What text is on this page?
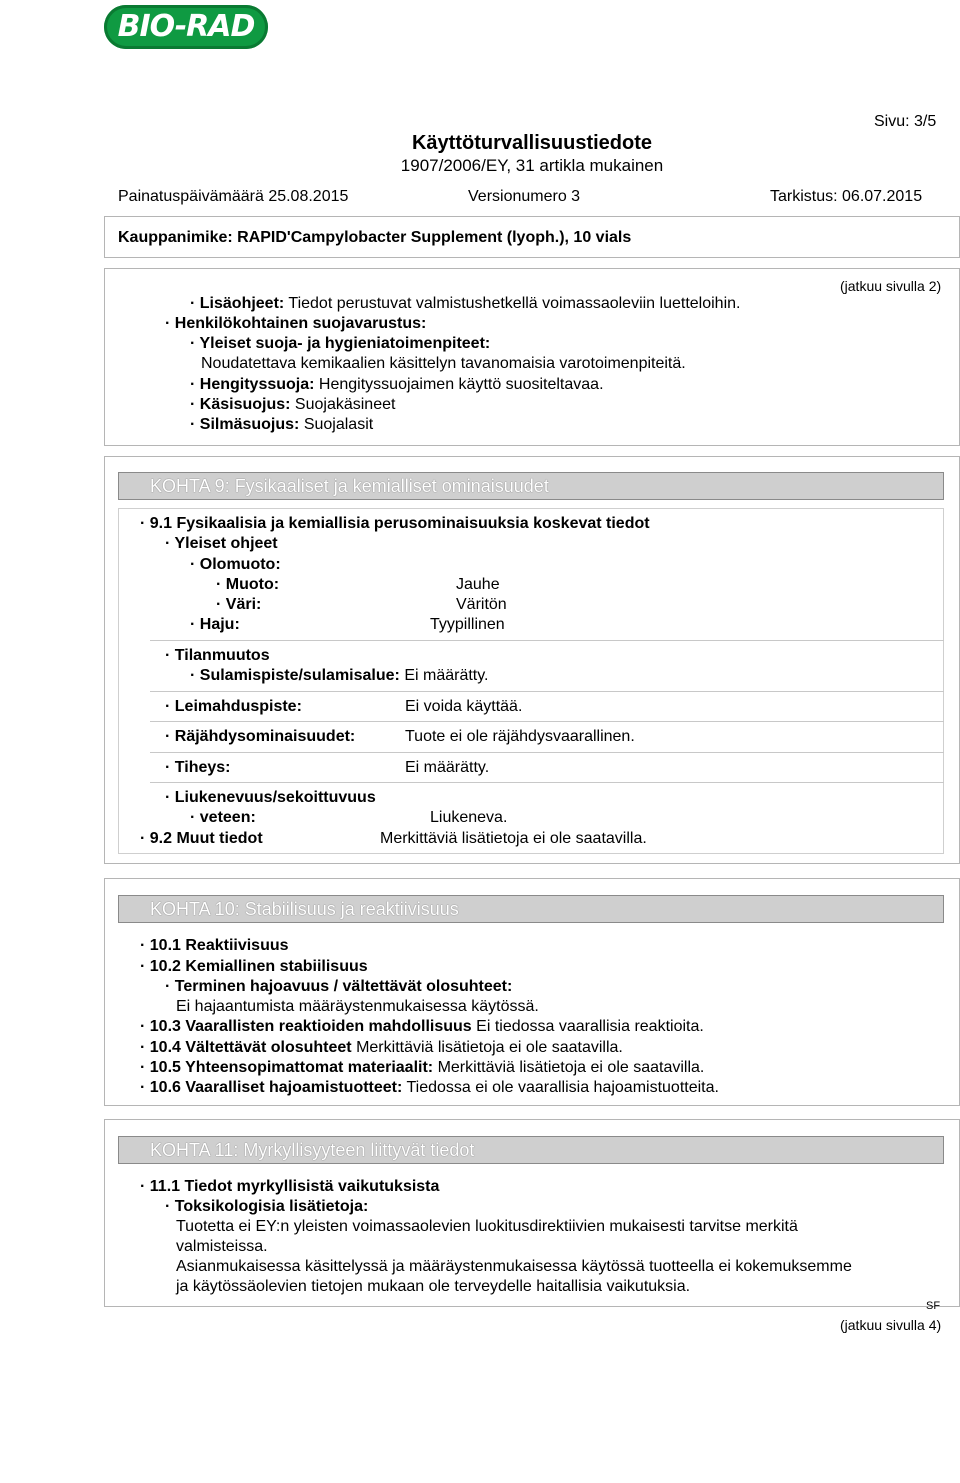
BIO-RAD
Sivu: 3/5
Käyttöturvallisuustiedote
1907/2006/EY, 31 artikla mukainen
Painatuspäivämäärä 25.08.2015	Versionumero 3	Tarkistus: 06.07.2015
Kauppanimike: RAPID'Campylobacter Supplement (lyoph.), 10 vials
(jatkuu sivulla 2)
· Lisäohjeet: Tiedot perustuvat valmistushetkellä voimassaoleviin luetteloihin.
· Henkilökohtainen suojavarustus:
· Yleiset suoja- ja hygieniatoimenpiteet:
Noudatettava kemikaalien käsittelyn tavanomaisia varotoimenpiteitä.
· Hengityssuoja: Hengityssuojaimen käyttö suositeltavaa.
· Käsisuojus: Suojakäsineet
· Silmäsuojus: Suojalasit
KOHTA 9: Fysikaaliset ja kemialliset ominaisuudet
· 9.1 Fysikaalisia ja kemiallisia perusominaisuuksia koskevat tiedot
· Yleiset ohjeet
· Olomuoto:
· Muoto:	Jauhe
· Väri:	Väritön
· Haju:	Tyypillinen
· Tilanmuutos
· Sulamispiste/sulamisalue: Ei määrätty.
· Leimahduspiste:	Ei voida käyttää.
· Räjähdysominaisuudet:	Tuote ei ole räjähdysvaarallinen.
· Tiheys:	Ei määrätty.
· Liukenevuus/sekoittuvuus
· veteen:	Liukeneva.
· 9.2 Muut tiedot	Merkittäviä lisätietoja ei ole saatavilla.
KOHTA 10: Stabiilisuus ja reaktiivisuus
· 10.1 Reaktiivisuus
· 10.2 Kemiallinen stabiilisuus
· Terminen hajoavuus / vältettävät olosuhteet:
Ei hajaantumista määräystenmukaisessa käytössä.
· 10.3 Vaarallisten reaktioiden mahdollisuus Ei tiedossa vaarallisia reaktioita.
· 10.4 Vältettävät olosuhteet Merkittäviä lisätietoja ei ole saatavilla.
· 10.5 Yhteensopimattomat materiaalit: Merkittäviä lisätietoja ei ole saatavilla.
· 10.6 Vaaralliset hajoamistuotteet: Tiedossa ei ole vaarallisia hajoamistuotteita.
KOHTA 11: Myrkyllisyyteen liittyvät tiedot
· 11.1 Tiedot myrkyllisistä vaikutuksista
· Toksikologisia lisätietoja:
Tuotetta ei EY:n yleisten voimassaolevien luokitusdirektiivien mukaisesti tarvitse merkitä
valmisteissa.
Asianmukaisessa käsittelyssä ja määräystenmukaisessa käytössä tuotteella ei kokemuksemme
ja käytössäolevien tietojen mukaan ole terveydelle haitallisia vaikutuksia.
SF
(jatkuu sivulla 4)
